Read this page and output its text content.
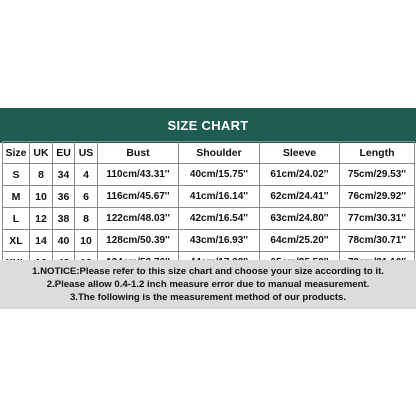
SIZE CHART
Size	UK	EU	US	Bust	Shoulder	Sleeve	Length
S	8	34	4	110cm/43.31''	40cm/15.75''	61cm/24.02''	75cm/29.53''
M	10	36	6	116cm/45.67''	41cm/16.14''	62cm/24.41''	76cm/29.92''
L	12	38	8	122cm/48.03''	42cm/16.54''	63cm/24.80''	77cm/30.31''
XL	14	40	10	128cm/50.39''	43cm/16.93''	64cm/25.20''	78cm/30.71''

1.NOTICE:Please refer to this size chart and choose your size according to it.

2.Please allow 0.4-1.2 inch measure error due to manual measurement.

3.The following is the measurement method of our products.
